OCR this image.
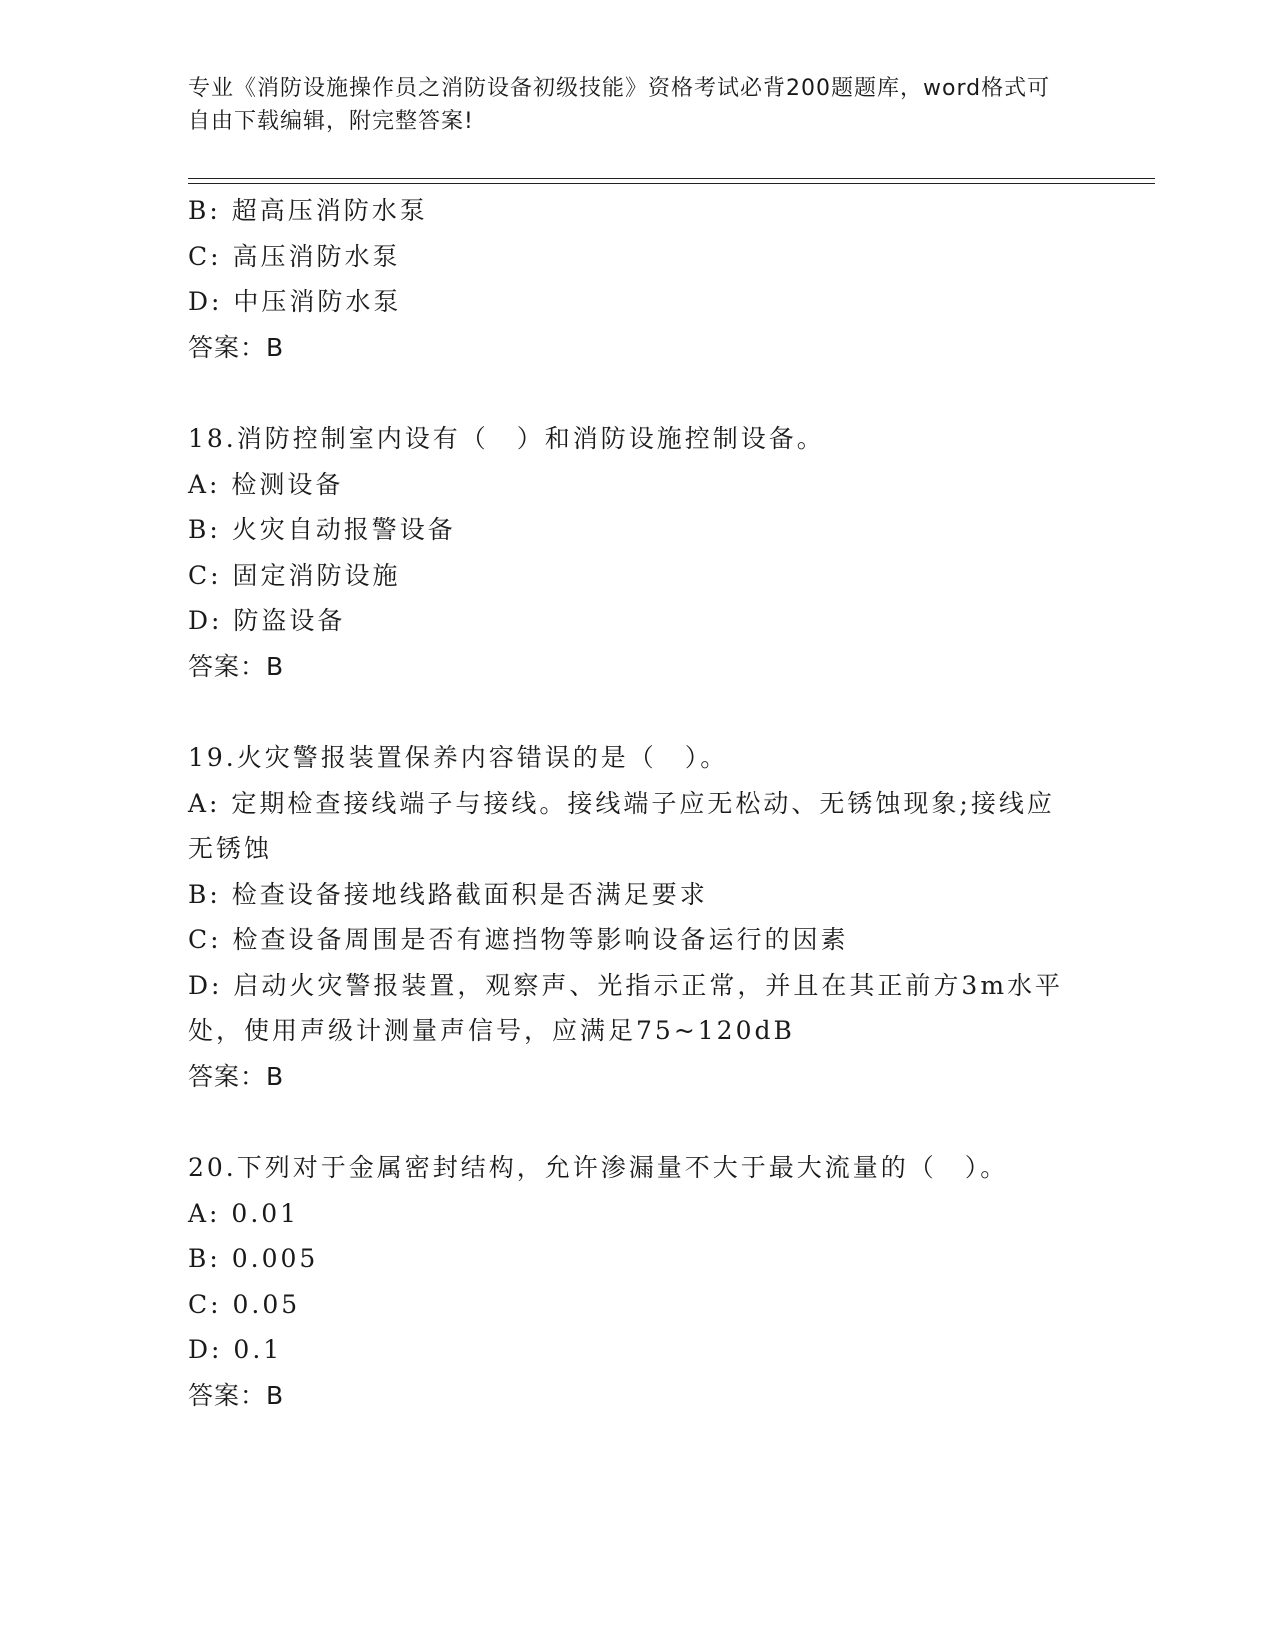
专业《消防设施操作员之消防设备初级技能》资格考试必背200题题库，word格式可自由下载编辑，附完整答案!
B: 超高压消防水泵
C: 高压消防水泵
D: 中压消防水泵
答案：B
18.消防控制室内设有（　）和消防设施控制设备。
A: 检测设备
B: 火灾自动报警设备
C: 固定消防设施
D: 防盗设备
答案：B
19.火灾警报装置保养内容错误的是（　）。
A: 定期检查接线端子与接线。接线端子应无松动、无锈蚀现象;接线应无锈蚀
B: 检查设备接地线路截面积是否满足要求
C: 检查设备周围是否有遮挡物等影响设备运行的因素
D: 启动火灾警报装置，观察声、光指示正常，并且在其正前方3m水平处，使用声级计测量声信号，应满足75~120dB
答案：B
20.下列对于金属密封结构，允许渗漏量不大于最大流量的（　）。
A: 0.01
B: 0.005
C: 0.05
D: 0.1
答案：B
